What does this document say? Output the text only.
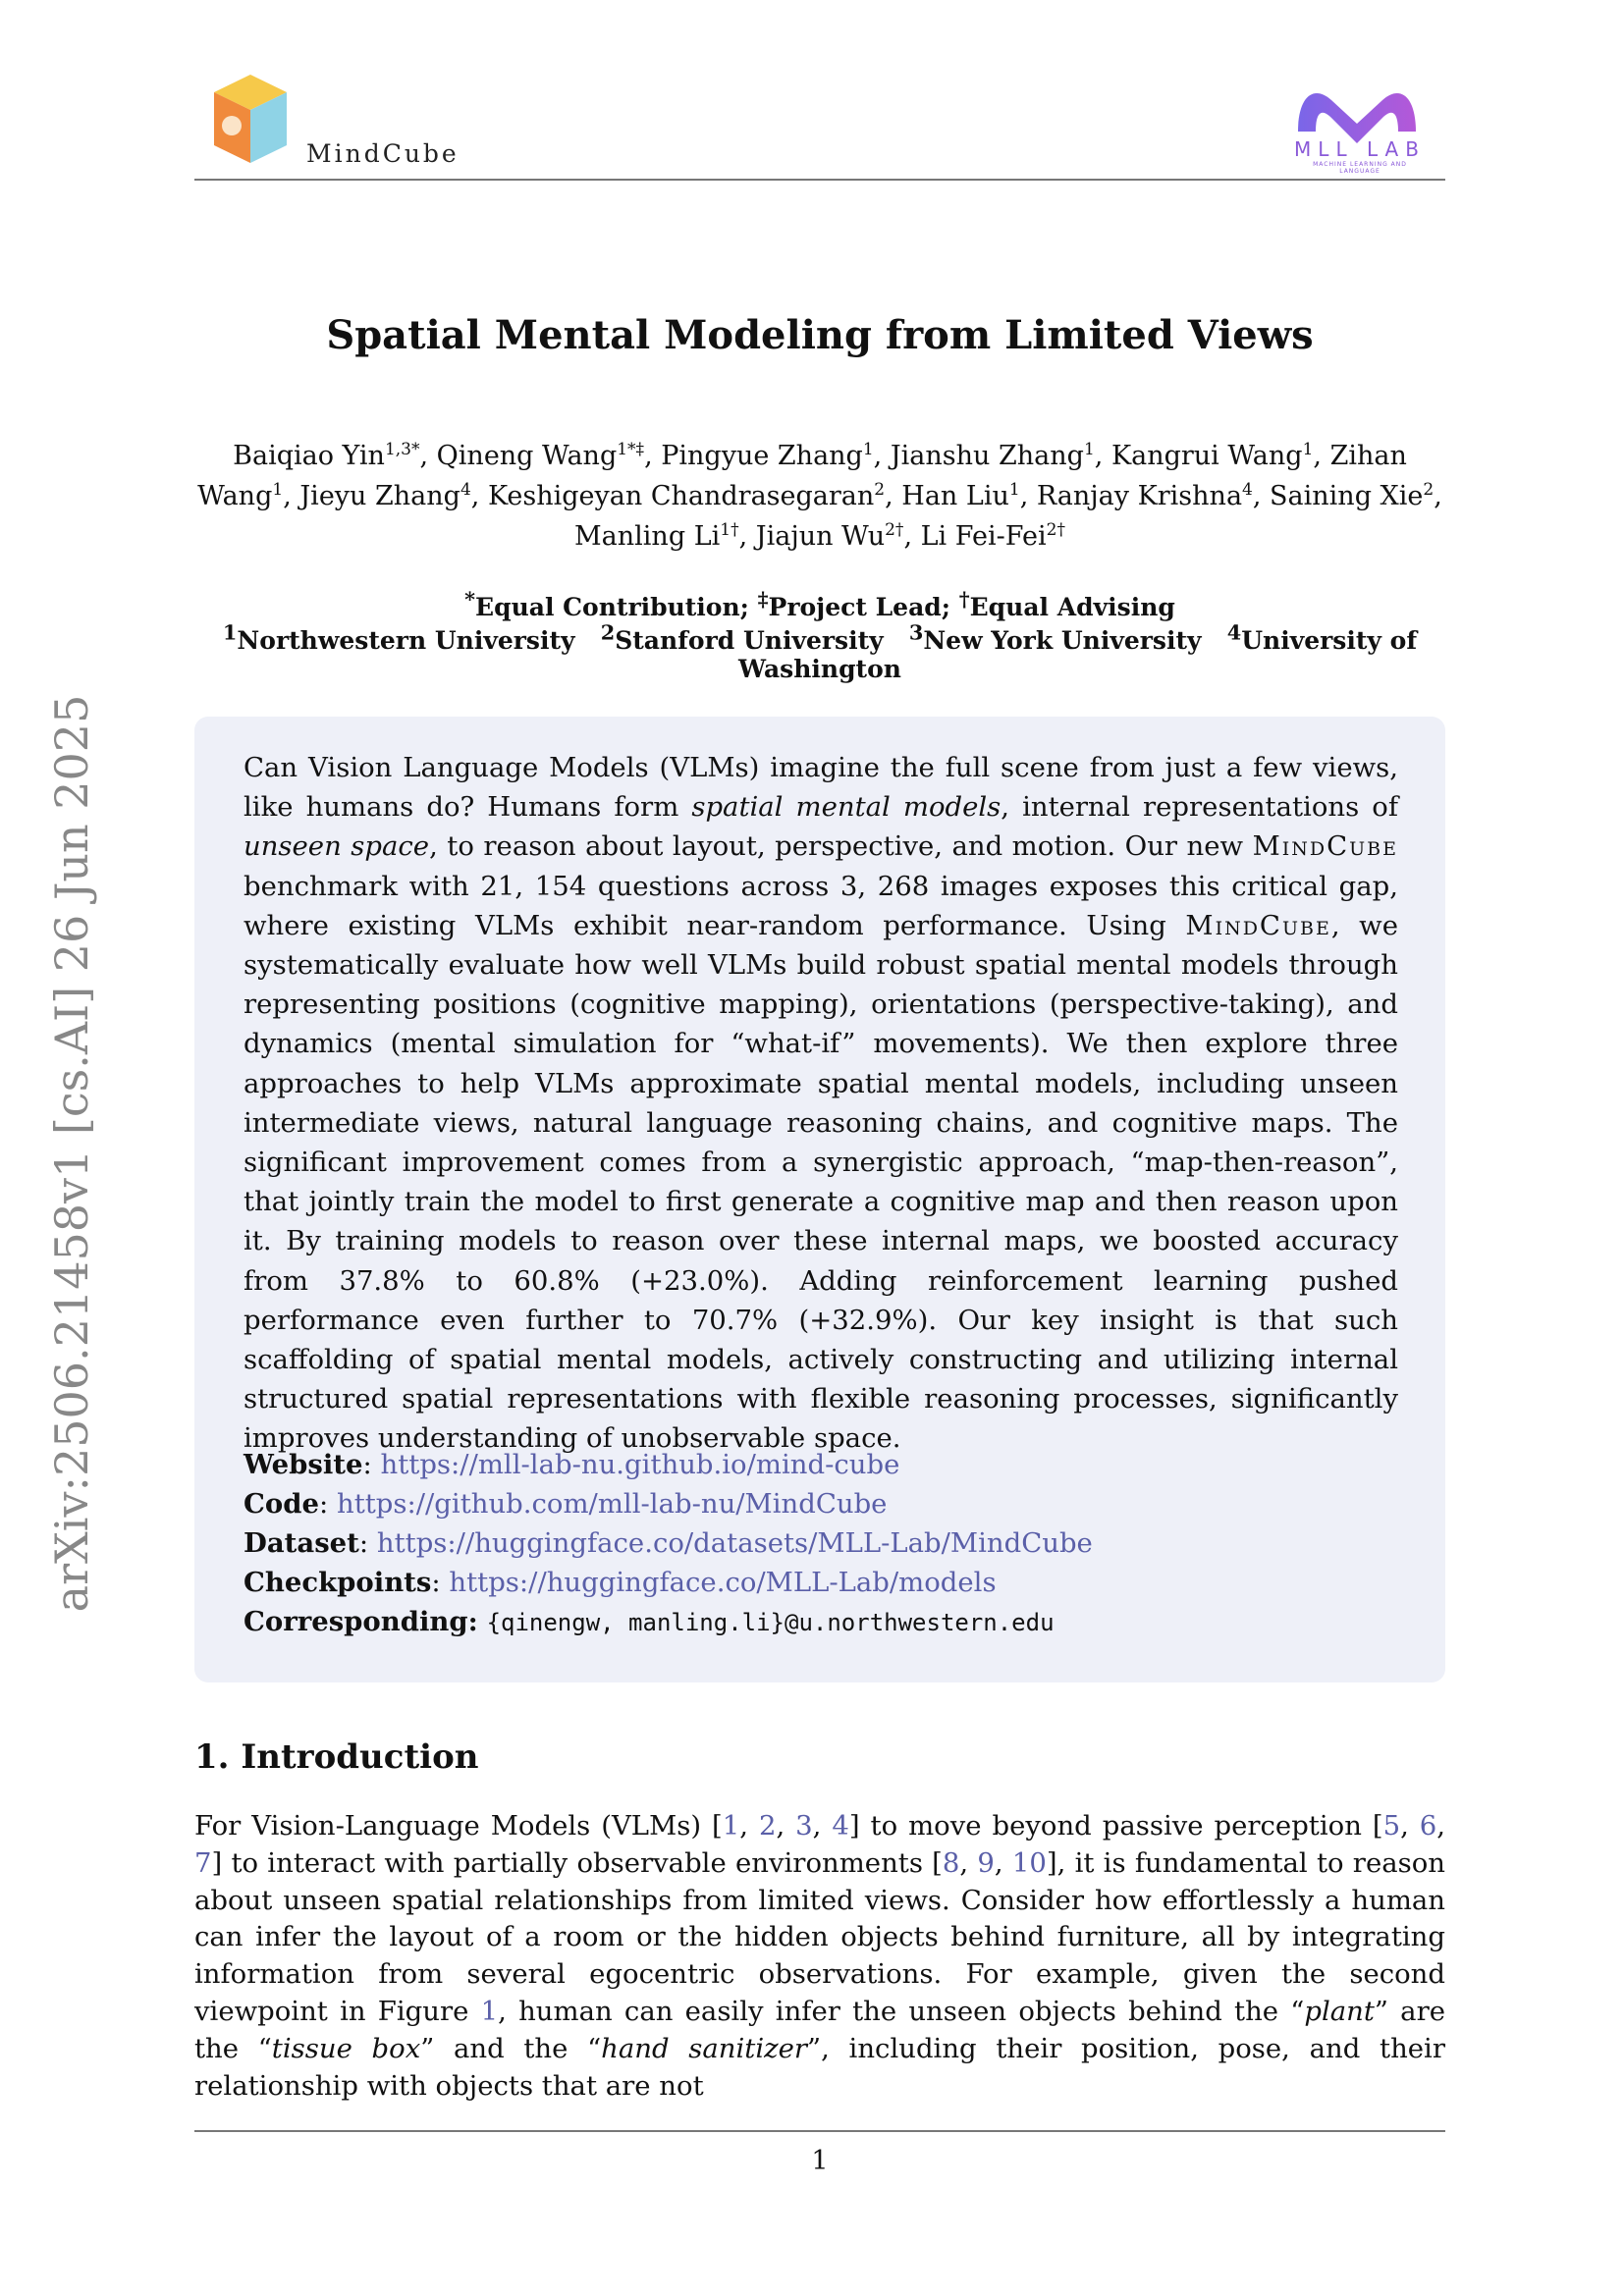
MindCube	MLL LAB
MACHINE LEARNING AND LANGUAGE
arXiv:2506.21458v1 [cs.AI] 26 Jun 2025
Spatial Mental Modeling from Limited Views
Baiqiao Yin$^{1,3*}$, Qineng Wang$^{1*\ddagger}$, Pingyue Zhang$^1$, Jianshu Zhang$^1$, Kangrui Wang$^1$, Zihan Wang$^1$, Jieyu Zhang$^4$, Keshigeyan Chandrasegaran$^2$, Han Liu$^1$, Ranjay Krishna$^4$, Saining Xie$^2$, Manling $Li^{1\dagger}$, Jiajun $Wu^{2\dagger}$, Li Fei-Fei$^{2\dagger}$
*Equal Contribution; ‡Project Lead; †Equal Advising
$^1$Northwestern University $^2$Stanford University $^3$New York University $^4$University of Washington

Can Vision Language Models (VLMs) imagine the full scene from just a few views, like humans do? Humans form spatial mental models, internal representations of unseen space, to reason about layout, perspective, and motion. Our new MindCube benchmark with 21, 154 questions across 3, 268 images exposes this critical gap, where existing VLMs exhibit near-random performance. Using MindCube, we systematically evaluate how well VLMs build robust spatial mental models through representing positions (cognitive mapping), orientations (perspective-taking), and dynamics (mental simulation for “what-if” movements). We then explore three approaches to help VLMs approximate spatial mental models, including unseen intermediate views, natural language reasoning chains, and cognitive maps. The significant improvement comes from a synergistic approach, “map-then-reason”, that jointly train the model to first generate a cognitive map and then reason upon it. By training models to reason over these internal maps, we boosted accuracy from 37.8% to 60.8% (+23.0%). Adding reinforcement learning pushed performance even further to 70.7% (+32.9%). Our key insight is that such scaffolding of spatial mental models, actively constructing and utilizing internal structured spatial representations with flexible reasoning processes, significantly improves understanding of unobservable space.

Website: https://mll-lab-nu.github.io/mind-cube
Code: https://github.com/mll-lab-nu/MindCube
Dataset: https://huggingface.co/datasets/MLL-Lab/MindCube
Checkpoints: https://huggingface.co/MLL-Lab/models
Corresponding: {qinengw, manling.li}@u.northwestern.edu
1. Introduction
For Vision-Language Models (VLMs) [1, 2, 3, 4] to move beyond passive perception [5, 6, 7] to interact with partially observable environments [8, 9, 10], it is fundamental to reason about unseen spatial relationships from limited views. Consider how effortlessly a human can infer the layout of a room or the hidden objects behind furniture, all by integrating information from several egocentric observations. For example, given the second viewpoint in Figure 1, human can easily infer the unseen objects behind the “plant” are the “tissue box” and the “hand sanitizer”, including their position, pose, and their relationship with objects that are not
1
